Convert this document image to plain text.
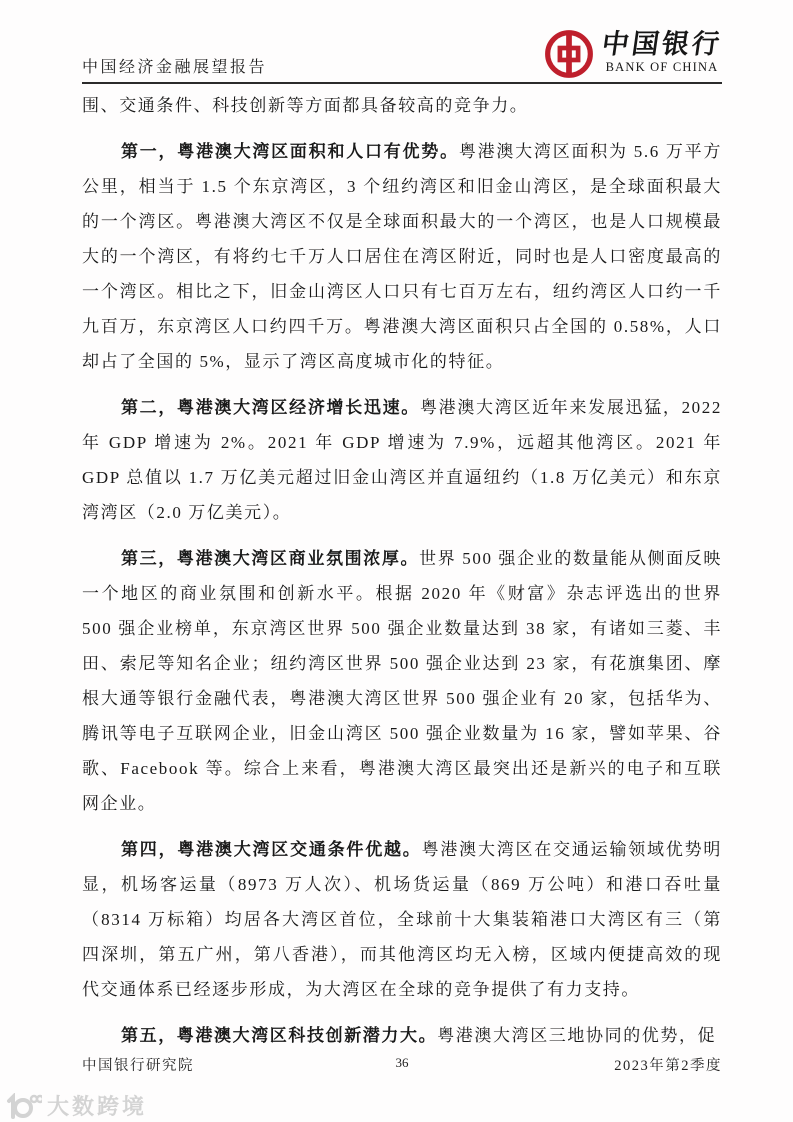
中国经济金融展望报告
中国银行
BANK OF CHINA

围、交通条件、科技创新等方面都具备较高的竞争力。

第一，粤港澳大湾区面积和人口有优势。粤港澳大湾区面积为 5.6 万平方公里，相当于 1.5 个东京湾区，3 个纽约湾区和旧金山湾区，是全球面积最大的一个湾区。粤港澳大湾区不仅是全球面积最大的一个湾区，也是人口规模最大的一个湾区，有将约七千万人口居住在湾区附近，同时也是人口密度最高的一个湾区。相比之下，旧金山湾区人口只有七百万左右，纽约湾区人口约一千九百万，东京湾区人口约四千万。粤港澳大湾区面积只占全国的 0.58%，人口却占了全国的 5%，显示了湾区高度城市化的特征。

第二，粤港澳大湾区经济增长迅速。粤港澳大湾区近年来发展迅猛，2022 年 GDP 增速为 2%。2021 年 GDP 增速为 7.9%，远超其他湾区。2021 年 GDP 总值以 1.7 万亿美元超过旧金山湾区并直逼纽约（1.8 万亿美元）和东京湾湾区（2.0 万亿美元）。

第三，粤港澳大湾区商业氛围浓厚。世界 500 强企业的数量能从侧面反映一个地区的商业氛围和创新水平。根据 2020 年《财富》杂志评选出的世界 500 强企业榜单，东京湾区世界 500 强企业数量达到 38 家，有诸如三菱、丰田、索尼等知名企业；纽约湾区世界 500 强企业达到 23 家，有花旗集团、摩根大通等银行金融代表，粤港澳大湾区世界 500 强企业有 20 家，包括华为、腾讯等电子互联网企业，旧金山湾区 500 强企业数量为 16 家，譬如苹果、谷歌、Facebook 等。综合上来看，粤港澳大湾区最突出还是新兴的电子和互联网企业。

第四，粤港澳大湾区交通条件优越。粤港澳大湾区在交通运输领域优势明显，机场客运量（8973 万人次）、机场货运量（869 万公吨）和港口吞吐量（8314 万标箱）均居各大湾区首位，全球前十大集装箱港口大湾区有三（第四深圳，第五广州，第八香港），而其他湾区均无入榜，区域内便捷高效的现代交通体系已经逐步形成，为大湾区在全球的竞争提供了有力支持。

第五，粤港澳大湾区科技创新潜力大。粤港澳大湾区三地协同的优势，促

中国银行研究院	36	2023年第2季度
大数跨境
